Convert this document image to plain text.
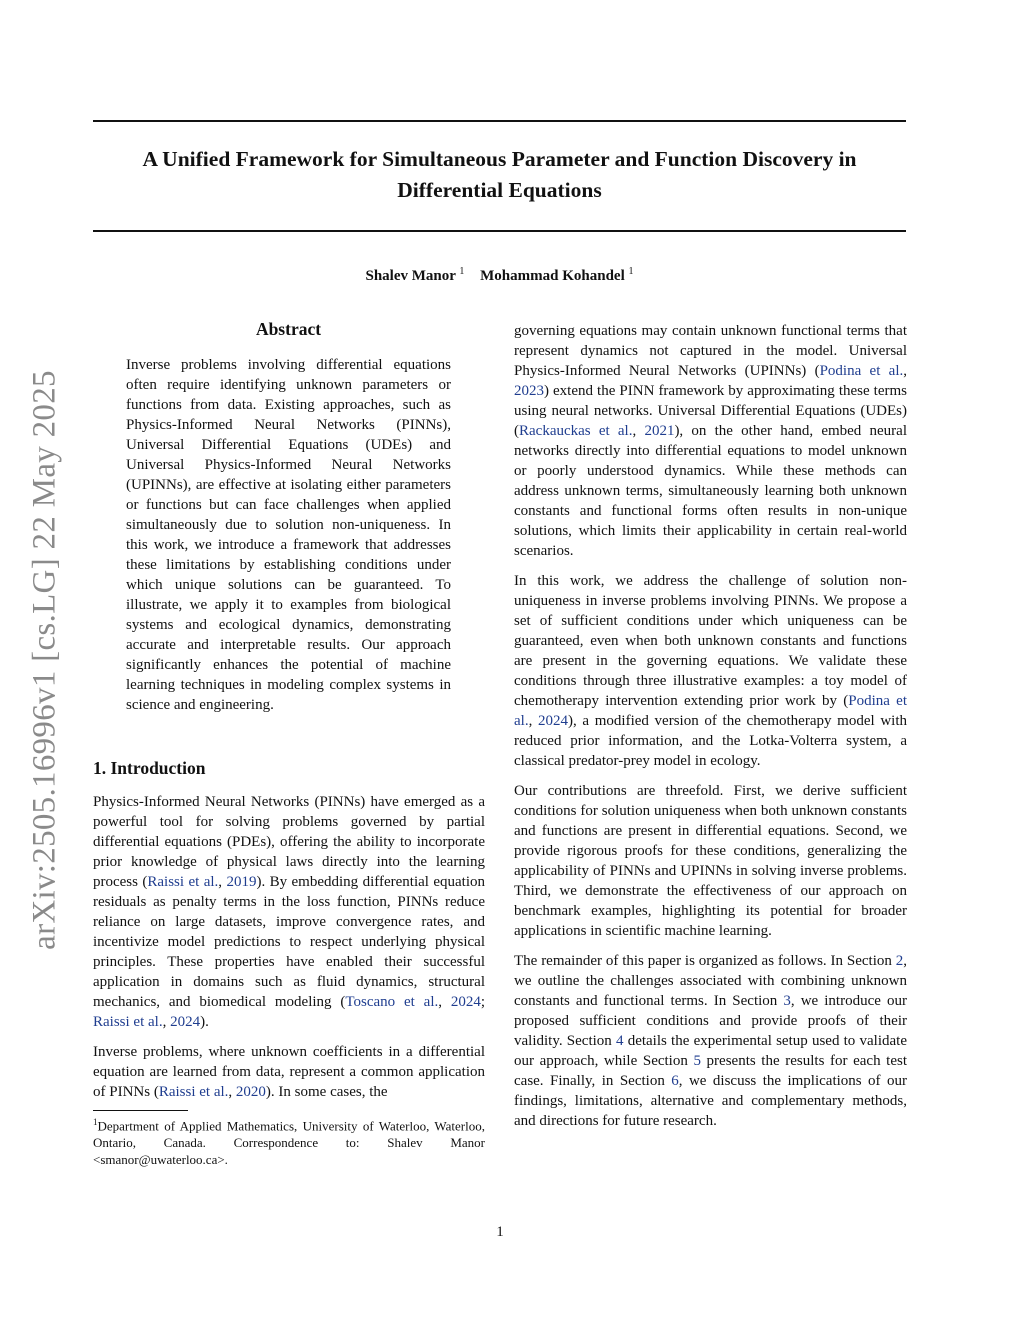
A Unified Framework for Simultaneous Parameter and Function Discovery in Differential Equations
Shalev Manor $^1$ Mohammad Kohandel $^1$
arXiv:2505.16996v1 [cs.LG] 22 May 2025
Abstract

Inverse problems involving differential equations often require identifying unknown parameters or functions from data. Existing approaches, such as Physics-Informed Neural Networks (PINNs), Universal Differential Equations (UDEs) and Universal Physics-Informed Neural Networks (UPINNs), are effective at isolating either parameters or functions but can face challenges when applied simultaneously due to solution non-uniqueness. In this work, we introduce a framework that addresses these limitations by establishing conditions under which unique solutions can be guaranteed. To illustrate, we apply it to examples from biological systems and ecological dynamics, demonstrating accurate and interpretable results. Our approach significantly enhances the potential of machine learning techniques in modeling complex systems in science and engineering.

1. Introduction

Physics-Informed Neural Networks (PINNs) have emerged as a powerful tool for solving problems governed by partial differential equations (PDEs), offering the ability to incorporate prior knowledge of physical laws directly into the learning process (Raissi et al., 2019). By embedding differential equation residuals as penalty terms in the loss function, PINNs reduce reliance on large datasets, improve convergence rates, and incentivize model predictions to respect underlying physical principles. These properties have enabled their successful application in domains such as fluid dynamics, structural mechanics, and biomedical modeling (Toscano et al., 2024; Raissi et al., 2024).

Inverse problems, where unknown coefficients in a differential equation are learned from data, represent a common application of PINNs (Raissi et al., 2020). In some cases, the

$^1$Department of Applied Mathematics, University of Waterloo, Waterloo, Ontario, Canada. Correspondence to: Shalev Manor <smanor@uwaterloo.ca>.

governing equations may contain unknown functional terms that represent dynamics not captured in the model. Universal Physics-Informed Neural Networks (UPINNs) (Podina et al., 2023) extend the PINN framework by approximating these terms using neural networks. Universal Differential Equations (UDEs) (Rackauckas et al., 2021), on the other hand, embed neural networks directly into differential equations to model unknown or poorly understood dynamics. While these methods can address unknown terms, simultaneously learning both unknown constants and functional forms often results in non-unique solutions, which limits their applicability in certain real-world scenarios.

In this work, we address the challenge of solution non-uniqueness in inverse problems involving PINNs. We propose a set of sufficient conditions under which uniqueness can be guaranteed, even when both unknown constants and functions are present in the governing equations. We validate these conditions through three illustrative examples: a toy model of chemotherapy intervention extending prior work by (Podina et al., 2024), a modified version of the chemotherapy model with reduced prior information, and the Lotka-Volterra system, a classical predator-prey model in ecology.

Our contributions are threefold. First, we derive sufficient conditions for solution uniqueness when both unknown constants and functions are present in differential equations. Second, we provide rigorous proofs for these conditions, generalizing the applicability of PINNs and UPINNs in solving inverse problems. Third, we demonstrate the effectiveness of our approach on benchmark examples, highlighting its potential for broader applications in scientific machine learning.

The remainder of this paper is organized as follows. In Section 2, we outline the challenges associated with combining unknown constants and functional terms. In Section 3, we introduce our proposed sufficient conditions and provide proofs of their validity. Section 4 details the experimental setup used to validate our approach, while Section 5 presents the results for each test case. Finally, in Section 6, we discuss the implications of our findings, limitations, alternative and complementary methods, and directions for future research.

1
